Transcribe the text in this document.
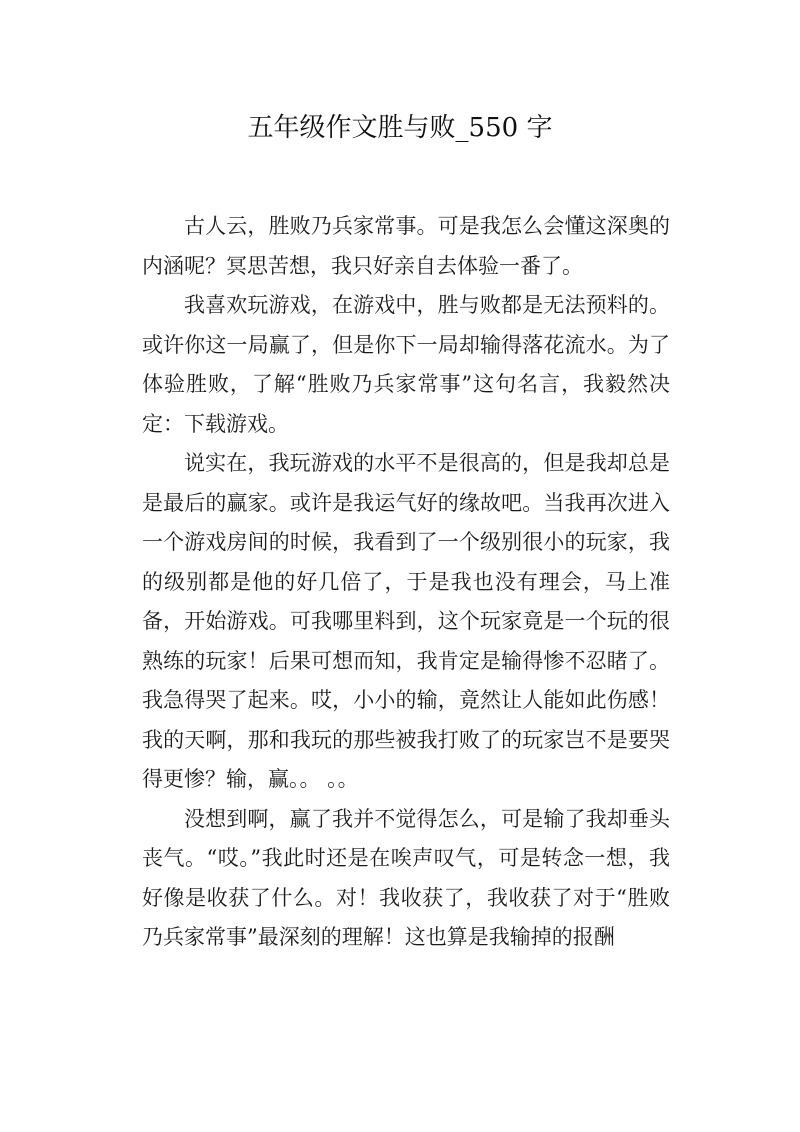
五年级作文胜与败_550 字

古人云，胜败乃兵家常事。可是我怎么会懂这深奥的内涵呢？冥思苦想，我只好亲自去体验一番了。

我喜欢玩游戏，在游戏中，胜与败都是无法预料的。或许你这一局赢了，但是你下一局却输得落花流水。为了体验胜败，了解“胜败乃兵家常事”这句名言，我毅然决定：下载游戏。

说实在，我玩游戏的水平不是很高的，但是我却总是是最后的赢家。或许是我运气好的缘故吧。当我再次进入一个游戏房间的时候，我看到了一个级别很小的玩家，我的级别都是他的好几倍了，于是我也没有理会，马上准备，开始游戏。可我哪里料到，这个玩家竟是一个玩的很熟练的玩家！后果可想而知，我肯定是输得惨不忍睹了。我急得哭了起来。哎，小小的输，竟然让人能如此伤感！我的天啊，那和我玩的那些被我打败了的玩家岂不是要哭得更惨？输，赢。。 。。

没想到啊，赢了我并不觉得怎么，可是输了我却垂头丧气。“哎。”我此时还是在唉声叹气，可是转念一想，我好像是收获了什么。对！我收获了，我收获了对于“胜败乃兵家常事”最深刻的理解！这也算是我输掉的报酬
